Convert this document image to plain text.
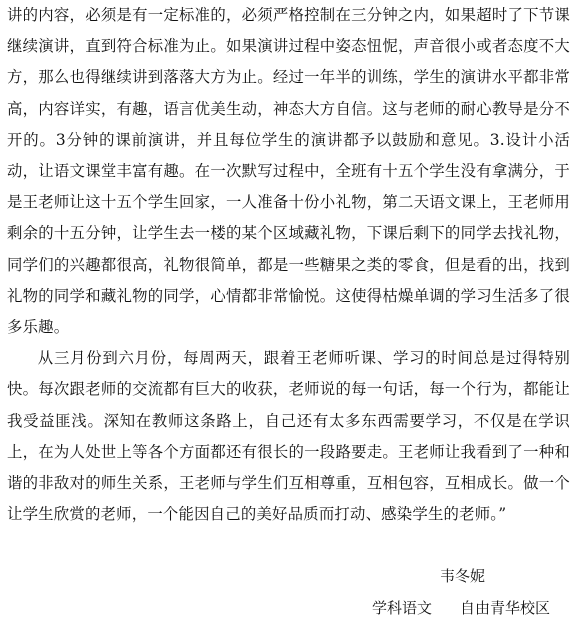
讲的内容，必须是有一定标准的，必须严格控制在三分钟之内，如果超时了下节课继续演讲，直到符合标准为止。如果演讲过程中姿态忸怩，声音很小或者态度不大方，那么也得继续讲到落落大方为止。经过一年半的训练，学生的演讲水平都非常高，内容详实，有趣，语言优美生动，神态大方自信。这与老师的耐心教导是分不开的。3分钟的课前演讲，并且每位学生的演讲都予以鼓励和意见。3.设计小活动，让语文课堂丰富有趣。在一次默写过程中，全班有十五个学生没有拿满分，于是王老师让这十五个学生回家，一人准备十份小礼物，第二天语文课上，王老师用剩余的十五分钟，让学生去一楼的某个区域藏礼物，下课后剩下的同学去找礼物，同学们的兴趣都很高，礼物很简单，都是一些糖果之类的零食，但是看的出，找到礼物的同学和藏礼物的同学，心情都非常愉悦。这使得枯燥单调的学习生活多了很多乐趣。

从三月份到六月份，每周两天，跟着王老师听课、学习的时间总是过得特别快。每次跟老师的交流都有巨大的收获，老师说的每一句话，每一个行为，都能让我受益匪浅。深知在教师这条路上，自己还有太多东西需要学习，不仅是在学识上，在为人处世上等各个方面都还有很长的一段路要走。王老师让我看到了一种和谐的非敌对的师生关系，王老师与学生们互相尊重，互相包容，互相成长。做一个让学生欣赏的老师，一个能因自己的美好品质而打动、感染学生的老师。”

韦冬妮
学科语文 自由青华校区
